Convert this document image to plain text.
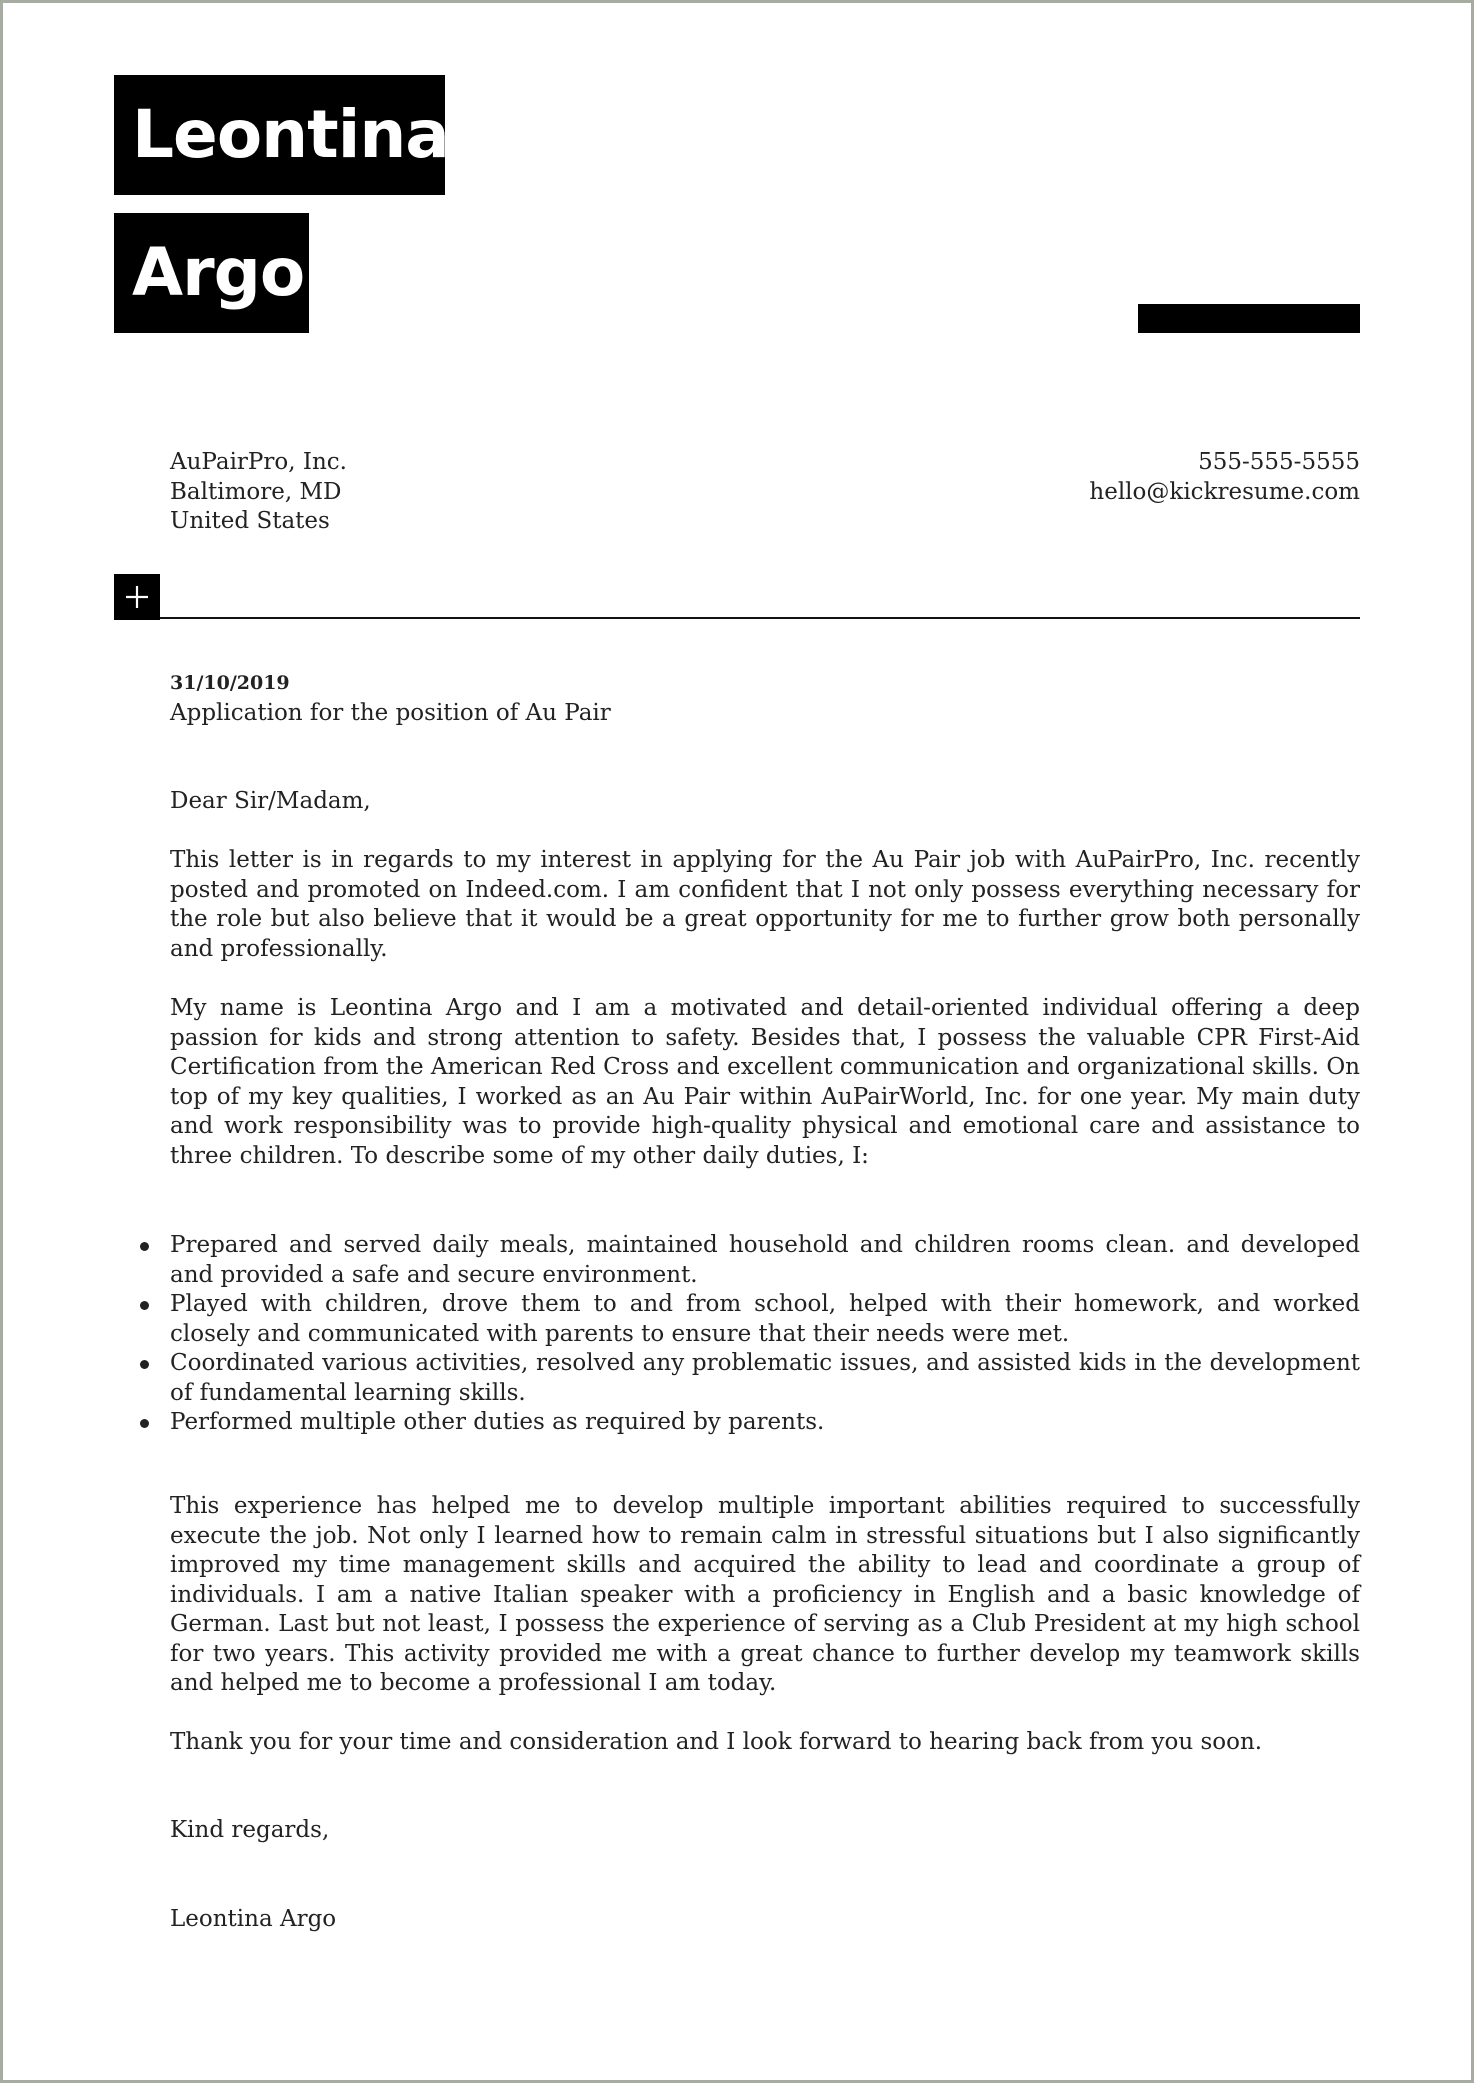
Leontina
Argo
AuPairPro, Inc.
Baltimore, MD
United States
555-555-5555
hello@kickresume.com
31/10/2019
Application for the position of Au Pair
Dear Sir/Madam,
This letter is in regards to my interest in applying for the Au Pair job with AuPairPro, Inc. recently posted and promoted on Indeed.com. I am confident that I not only possess everything necessary for the role but also believe that it would be a great opportunity for me to further grow both personally and professionally.
My name is Leontina Argo and I am a motivated and detail-oriented individual offering a deep passion for kids and strong attention to safety. Besides that, I possess the valuable CPR First-Aid Certification from the American Red Cross and excellent communication and organizational skills. On top of my key qualities, I worked as an Au Pair within AuPairWorld, Inc. for one year. My main duty and work responsibility was to provide high-quality physical and emotional care and assistance to three children. To describe some of my other daily duties, I:
Prepared and served daily meals, maintained household and children rooms clean. and developed and provided a safe and secure environment.
Played with children, drove them to and from school, helped with their homework, and worked closely and communicated with parents to ensure that their needs were met.
Coordinated various activities, resolved any problematic issues, and assisted kids in the development of fundamental learning skills.
Performed multiple other duties as required by parents.
This experience has helped me to develop multiple important abilities required to successfully execute the job. Not only I learned how to remain calm in stressful situations but I also significantly improved my time management skills and acquired the ability to lead and coordinate a group of individuals. I am a native Italian speaker with a proficiency in English and a basic knowledge of German. Last but not least, I possess the experience of serving as a Club President at my high school for two years. This activity provided me with a great chance to further develop my teamwork skills and helped me to become a professional I am today.
Thank you for your time and consideration and I look forward to hearing back from you soon.
Kind regards,
Leontina Argo
